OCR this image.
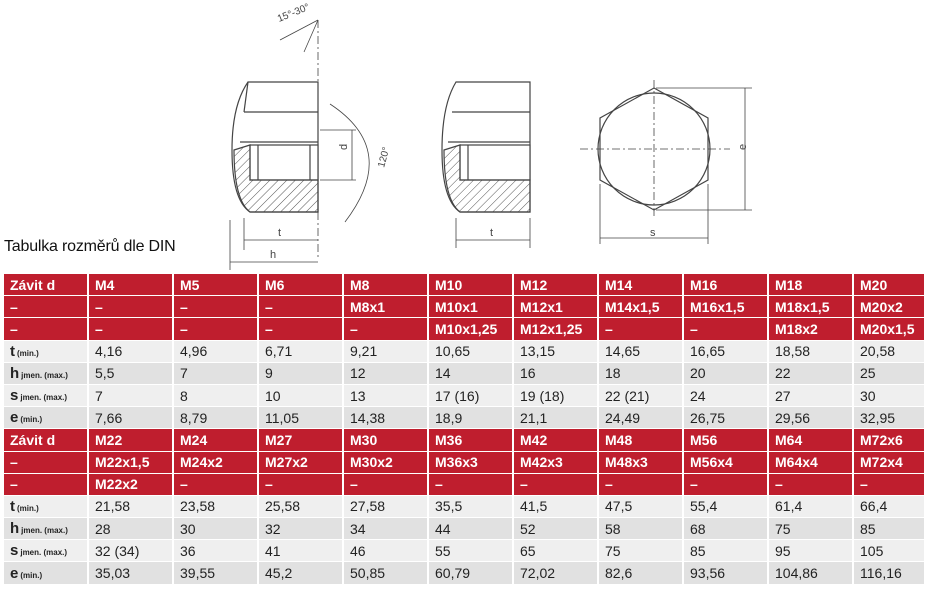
15°-30°
120°
d
t
h
t	s
e
Tabulka rozměrů dle DIN
Závit d	M4	M5	M6	M8	M10	M12	M14	M16	M18	M20
–	–	–	–	M8x1	M10x1	M12x1	M14x1,5	M16x1,5	M18x1,5	M20x2
–	–	–	–	–	M10x1,25	M12x1,25	–	–	M18x2	M20x1,5
t (min.)	4,16	4,96	6,71	9,21	10,65	13,15	14,65	16,65	18,58	20,58
h jmen. (max.)	5,5	7	9	12	14	16	18	20	22	25
s jmen. (max.)	7	8	10	13	17 (16)	19 (18)	22 (21)	24	27	30
e (min.)	7,66	8,79	11,05	14,38	18,9	21,1	24,49	26,75	29,56	32,95
Závit d	M22	M24	M27	M30	M36	M42	M48	M56	M64	M72x6
–	M22x1,5	M24x2	M27x2	M30x2	M36x3	M42x3	M48x3	M56x4	M64x4	M72x4
–	M22x2	–	–	–	–	–	–	–	–	–
t (min.)	21,58	23,58	25,58	27,58	35,5	41,5	47,5	55,4	61,4	66,4
h jmen. (max.)	28	30	32	34	44	52	58	68	75	85
s jmen. (max.)	32 (34)	36	41	46	55	65	75	85	95	105
e (min.)	35,03	39,55	45,2	50,85	60,79	72,02	82,6	93,56	104,86	116,16
